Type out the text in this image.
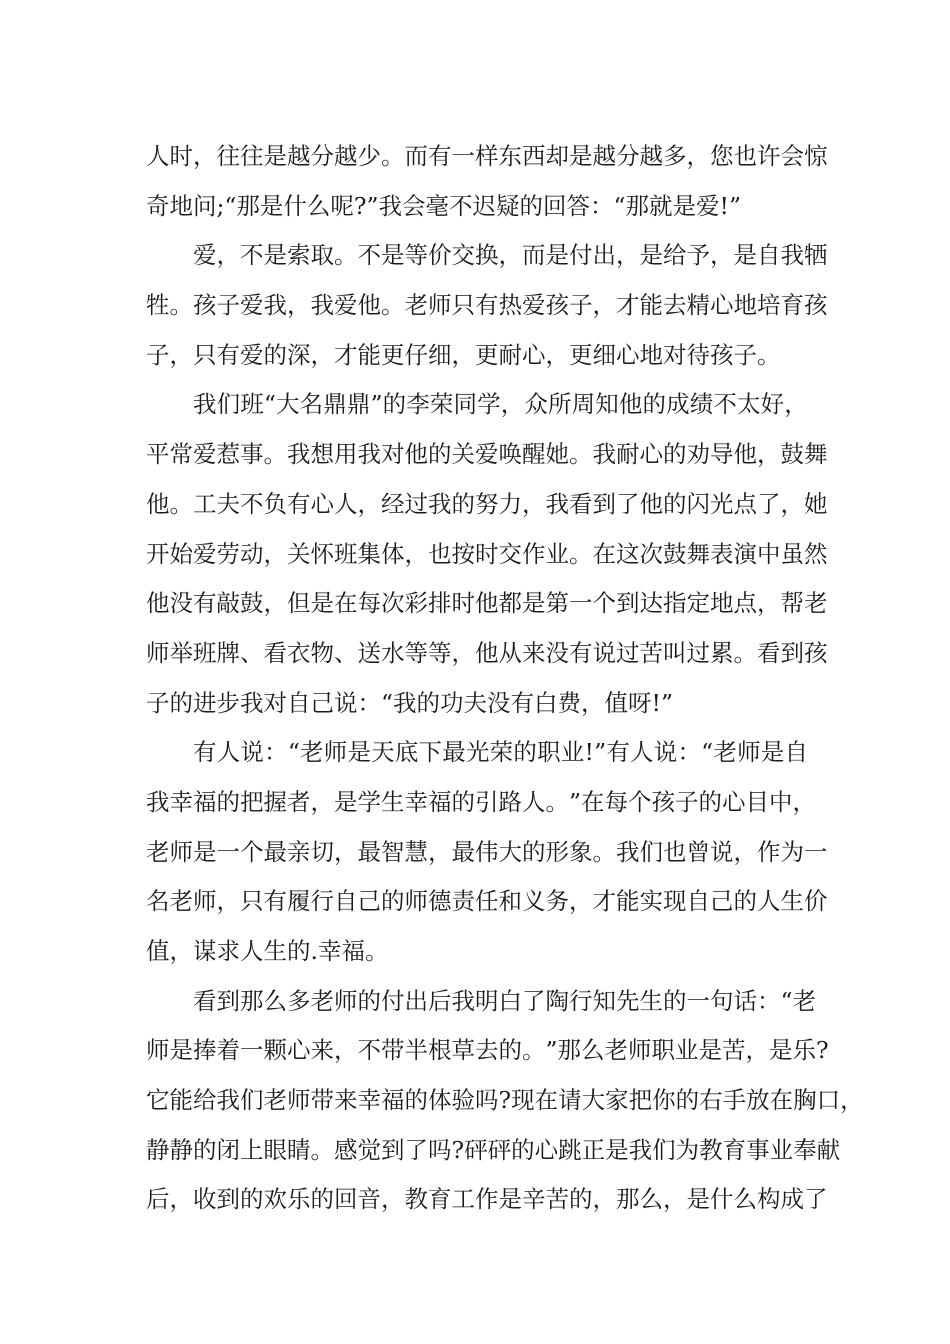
人 时 ， 往 往 是 越 分 越 少 。 而 有 一 样 东 西 却 是 越 分 越 多 ， 您 也 许 会 惊
奇地问;“那是什么呢?”我会毫不迟疑的回答：“那就是爱!”
爱 ， 不 是 索 取 。 不 是 等 价 交 换 ， 而 是 付 出 ， 是 给 予 ， 是 自 我 牺
牲 。 孩 子 爱 我 ， 我 爱 他 。 老 师 只 有 热 爱 孩 子 ， 才 能 去 精 心 地 培 育 孩
子，只有爱的深，才能更仔细，更耐心，更细心地对待孩子。
我 们 班 “ 大 名 鼎 鼎 ” 的 李 荣 同 学 ， 众 所 周 知 他 的 成 绩 不 太 好 ，
平 常 爱 惹 事 。 我 想 用 我 对 他 的 关 爱 唤 醒 她 。 我 耐 心 的 劝 导 他 ， 鼓 舞
他 。 工 夫 不 负 有 心 人 ， 经 过 我 的 努 力 ， 我 看 到 了 他 的 闪 光 点 了 ， 她
开 始 爱 劳 动 ， 关 怀 班 集 体 ， 也 按 时 交 作 业 。 在 这 次 鼓 舞 表 演 中 虽 然
他 没 有 敲 鼓 ， 但 是 在 每 次 彩 排 时 他 都 是 第 一 个 到 达 指 定 地 点 ， 帮 老
师 举 班 牌 、 看 衣 物 、 送 水 等 等 ， 他 从 来 没 有 说 过 苦 叫 过 累 。 看 到 孩
子的进步我对自己说：“我的功夫没有白费，值呀!”
有 人 说 ： “ 老 师 是 天 底 下 最 光 荣 的 职 业 ! ” 有 人 说 ： “ 老 师 是 自
我 幸 福 的 把 握 者 ， 是 学 生 幸 福 的 引 路 人 。 ” 在 每 个 孩 子 的 心 目 中 ，
老 师 是 一 个 最 亲 切 ， 最 智 慧 ， 最 伟 大 的 形 象 。 我 们 也 曾 说 ， 作 为 一
名 老 师 ， 只 有 履 行 自 己 的 师 德 责 任 和 义 务 ， 才 能 实 现 自 己 的 人 生 价
值，谋求人生的.幸福。
看 到 那 么 多 老 师 的 付 出 后 我 明 白 了 陶 行 知 先 生 的 一 句 话 ： “ 老
师 是 捧 着 一 颗 心 来 ， 不 带 半 根 草 去 的 。 ” 那 么 老 师 职 业 是 苦 ， 是 乐 ?
它 能 给 我 们 老 师 带 来 幸 福 的 体 验 吗 ? 现 在 请 大 家 把 你 的 右 手 放 在 胸 口 ，
静 静 的 闭 上 眼 睛 。 感 觉 到 了 吗 ? 砰 砰 的 心 跳 正 是 我 们 为 教 育 事 业 奉 献
后 ， 收 到 的 欢 乐 的 回 音 ， 教 育 工 作 是 辛 苦 的 ， 那 么 ， 是 什 么 构 成 了
